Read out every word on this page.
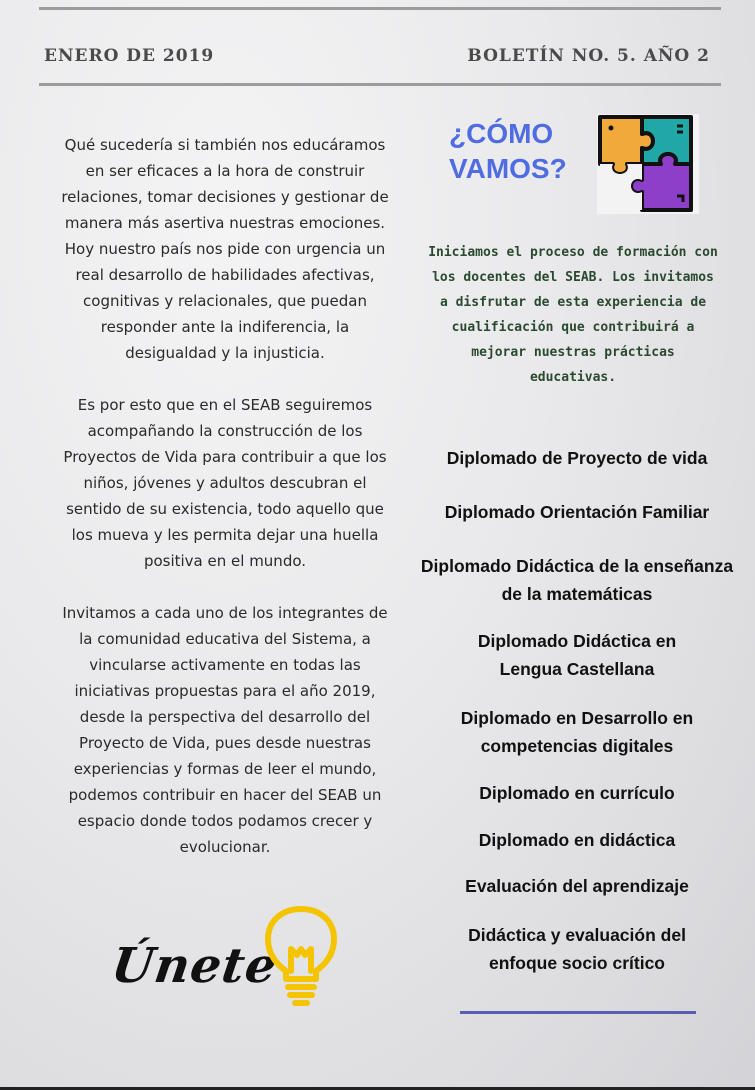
ENERO DE 2019	BOLETÍN NO. 5. AÑO 2

Qué sucedería si también nos educáramos en ser eficaces a la hora de construir relaciones, tomar decisiones y gestionar de manera más asertiva nuestras emociones. Hoy nuestro país nos pide con urgencia un real desarrollo de habilidades afectivas, cognitivas y relacionales, que puedan responder ante la indiferencia, la desigualdad y la injusticia.

Es por esto que en el SEAB seguiremos acompañando la construcción de los Proyectos de Vida para contribuir a que los niños, jóvenes y adultos descubran el sentido de su existencia, todo aquello que los mueva y les permita dejar una huella positiva en el mundo.

Invitamos a cada uno de los integrantes de la comunidad educativa del Sistema, a vincularse activamente en todas las iniciativas propuestas para el año 2019, desde la perspectiva del desarrollo del Proyecto de Vida, pues desde nuestras experiencias y formas de leer el mundo, podemos contribuir en hacer del SEAB un espacio donde todos podamos crecer y evolucionar.

Únete
¿CÓMO
VAMOS?
Iniciamos el proceso de formación con los docentes del SEAB. Los invitamos a disfrutar de esta experiencia de cualificación que contribuirá a mejorar nuestras prácticas educativas.
Diplomado de Proyecto de vida
Diplomado Orientación Familiar
Diplomado Didáctica de la enseñanza de la matemáticas
Diplomado Didáctica en Lengua Castellana
Diplomado en Desarrollo en competencias digitales
Diplomado en currículo
Diplomado en didáctica
Evaluación del aprendizaje
Didáctica y evaluación del enfoque socio crítico
